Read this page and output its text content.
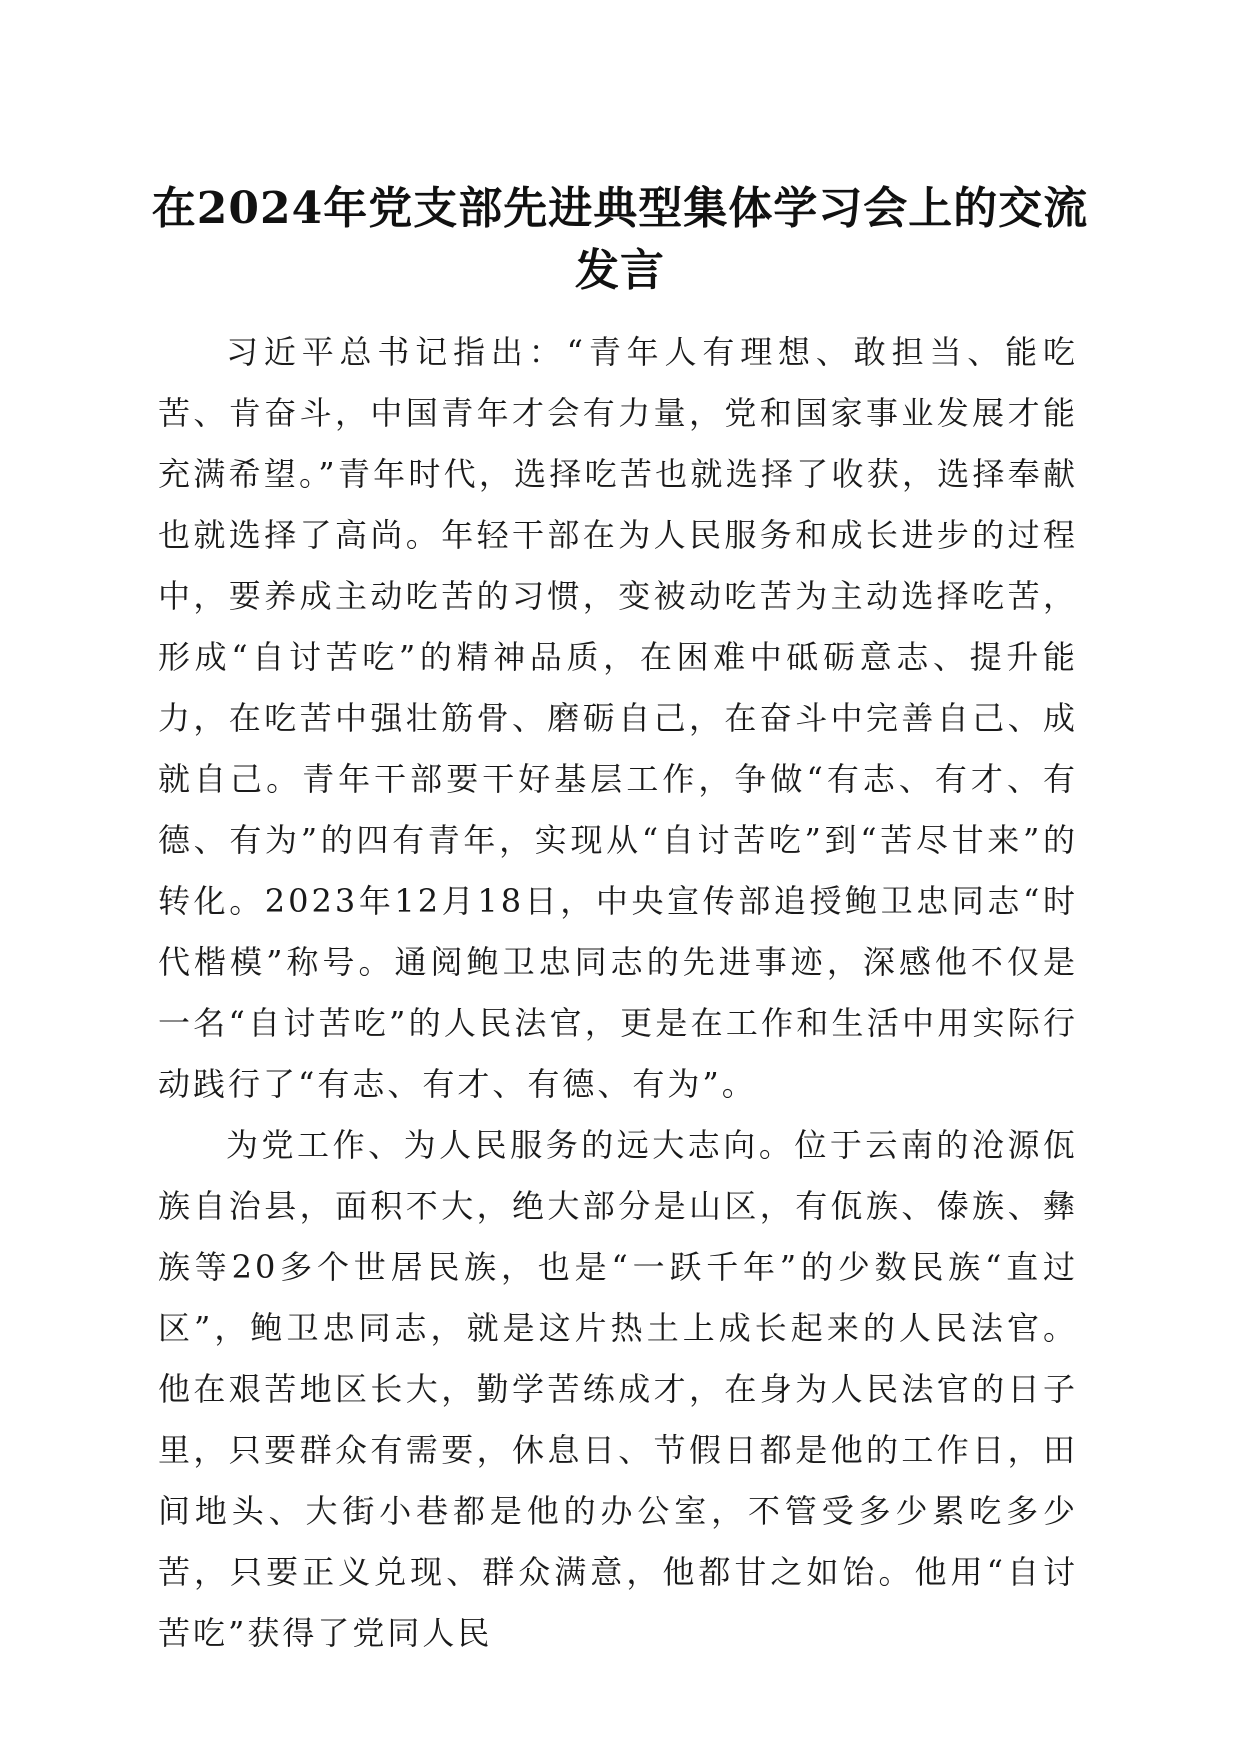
在2024年党支部先进典型集体学习会上的交流发言

习近平总书记指出：“青年人有理想、敢担当、能吃苦、肯奋斗，中国青年才会有力量，党和国家事业发展才能充满希望。”青年时代，选择吃苦也就选择了收获，选择奉献也就选择了高尚。年轻干部在为人民服务和成长进步的过程中，要养成主动吃苦的习惯，变被动吃苦为主动选择吃苦，形成“自讨苦吃”的精神品质，在困难中砥砺意志、提升能力，在吃苦中强壮筋骨、磨砺自己，在奋斗中完善自己、成就自己。青年干部要干好基层工作，争做“有志、有才、有德、有为”的四有青年，实现从“自讨苦吃”到“苦尽甘来”的转化。2023年12月18日，中央宣传部追授鲍卫忠同志“时代楷模”称号。通阅鲍卫忠同志的先进事迹，深感他不仅是一名“自讨苦吃”的人民法官，更是在工作和生活中用实际行动践行了“有志、有才、有德、有为”。

为党工作、为人民服务的远大志向。位于云南的沧源佤族自治县，面积不大，绝大部分是山区，有佤族、傣族、彝族等20多个世居民族，也是“一跃千年”的少数民族“直过区”，鲍卫忠同志，就是这片热土上成长起来的人民法官。他在艰苦地区长大，勤学苦练成才，在身为人民法官的日子里，只要群众有需要，休息日、节假日都是他的工作日，田间地头、大街小巷都是他的办公室，不管受多少累吃多少苦，只要正义兑现、群众满意，他都甘之如饴。他用“自讨苦吃”获得了党同人民
